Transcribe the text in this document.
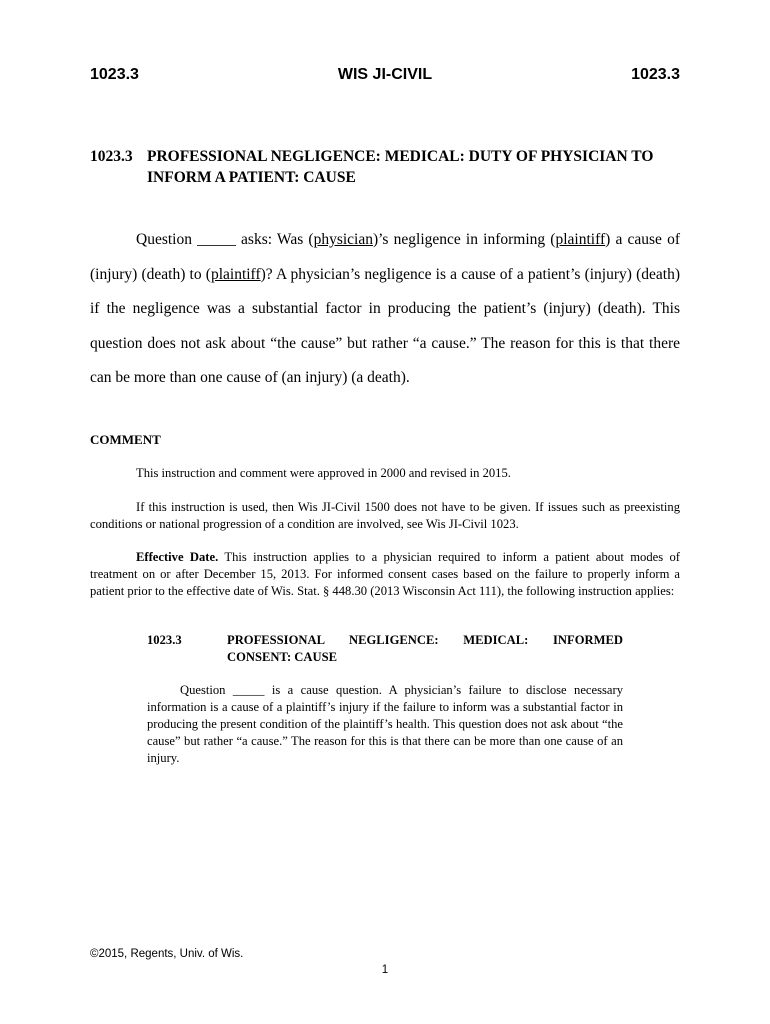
1023.3	WIS JI-CIVIL	1023.3
1023.3 PROFESSIONAL NEGLIGENCE: MEDICAL: DUTY OF PHYSICIAN TO INFORM A PATIENT: CAUSE
Question _____ asks: Was (physician)’s negligence in informing (plaintiff) a cause of (injury) (death) to (plaintiff)? A physician’s negligence is a cause of a patient’s (injury) (death) if the negligence was a substantial factor in producing the patient’s (injury) (death). This question does not ask about “the cause” but rather “a cause.” The reason for this is that there can be more than one cause of (an injury) (a death).
COMMENT

This instruction and comment were approved in 2000 and revised in 2015.

If this instruction is used, then Wis JI-Civil 1500 does not have to be given. If issues such as preexisting conditions or national progression of a condition are involved, see Wis JI-Civil 1023.

Effective Date. This instruction applies to a physician required to inform a patient about modes of treatment on or after December 15, 2013. For informed consent cases based on the failure to properly inform a patient prior to the effective date of Wis. Stat. § 448.30 (2013 Wisconsin Act 111), the following instruction applies:

1023.3	PROFESSIONAL NEGLIGENCE: MEDICAL: INFORMED CONSENT: CAUSE

Question _____ is a cause question. A physician’s failure to disclose necessary information is a cause of a plaintiff’s injury if the failure to inform was a substantial factor in producing the present condition of the plaintiff’s health. This question does not ask about “the cause” but rather “a cause.” The reason for this is that there can be more than one cause of an injury.

©2015, Regents, Univ. of Wis.
1
